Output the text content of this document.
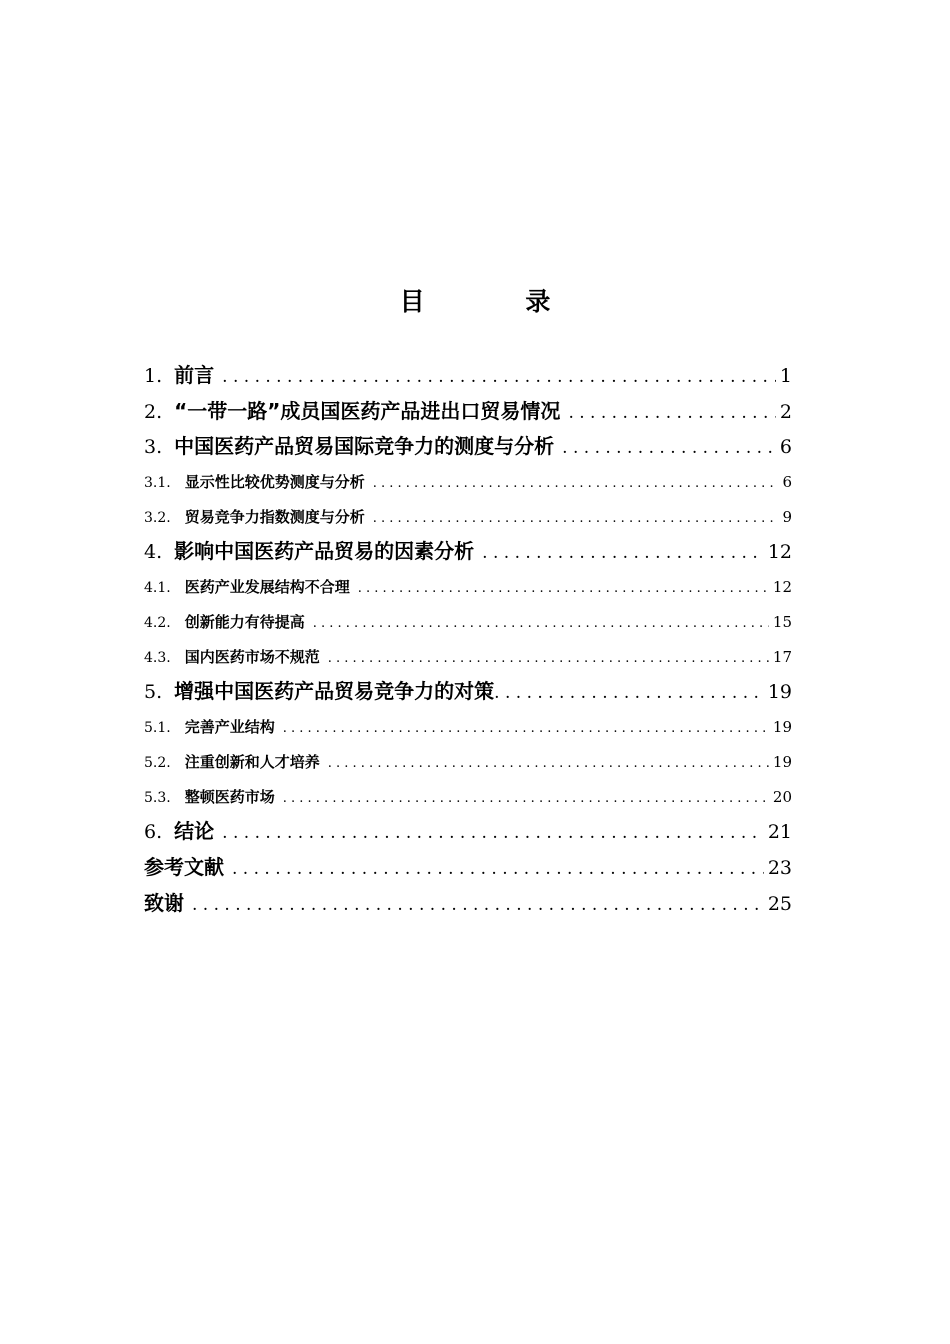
目 录
1. 前言 . . .	1
2. “一带一路”成员国医药产品进出口贸易情况 . . .	2
3. 中国医药产品贸易国际竞争力的测度与分析 . . .	6
3.1. 显示性比较优势测度与分析 . . .	6
3.2. 贸易竞争力指数测度与分析 . . .	9
4. 影响中国医药产品贸易的因素分析 . . .	12
4.1. 医药产业发展结构不合理 . . .	12
4.2. 创新能力有待提高 . . .	15
4.3. 国内医药市场不规范 . . .	17
5. 增强中国医药产品贸易竞争力的对策 . . .	19
5.1. 完善产业结构 . . .	19
5.2. 注重创新和人才培养 . . .	19
5.3. 整顿医药市场 . . .	20
6. 结论 . . .	21
参考文献 . . .	23
致谢 . . .	25
